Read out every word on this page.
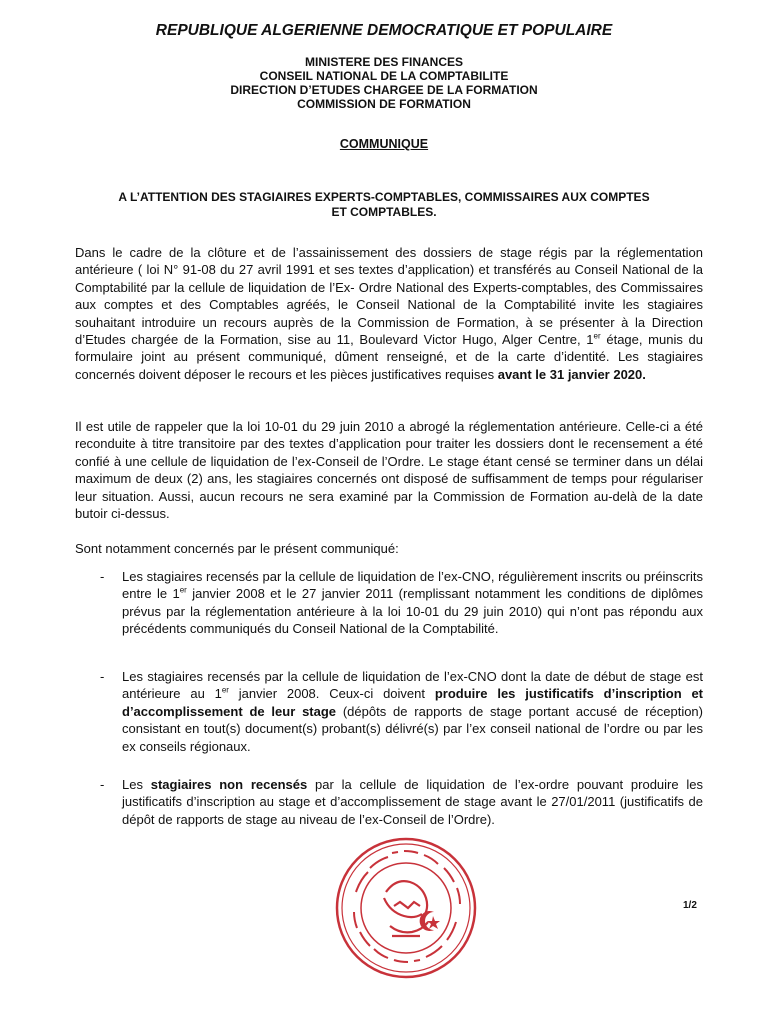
REPUBLIQUE ALGERIENNE DEMOCRATIQUE ET POPULAIRE
MINISTERE DES FINANCES
CONSEIL NATIONAL DE LA COMPTABILITE
DIRECTION D’ETUDES CHARGEE DE LA FORMATION
COMMISSION DE FORMATION
COMMUNIQUE
A L’ATTENTION DES STAGIAIRES EXPERTS-COMPTABLES, COMMISSAIRES AUX COMPTES
ET COMPTABLES.

Dans le cadre de la clôture et de l’assainissement des dossiers de stage régis par la réglementation antérieure ( loi N° 91-08 du 27 avril 1991 et ses textes d’application) et transférés au Conseil National de la Comptabilité par la cellule de liquidation de l’Ex- Ordre National des Experts-comptables, des Commissaires aux comptes et des Comptables agréés, le Conseil National de la Comptabilité invite les stagiaires souhaitant introduire un recours auprès de la Commission de Formation, à se présenter à la Direction d’Etudes chargée de la Formation, sise au 11, Boulevard Victor Hugo, Alger Centre, 1er étage, munis du formulaire joint au présent communiqué, dûment renseigné, et de la carte d’identité. Les stagiaires concernés doivent déposer le recours et les pièces justificatives requises avant le 31 janvier 2020.

Il est utile de rappeler que la loi 10-01 du 29 juin 2010 a abrogé la réglementation antérieure. Celle-ci a été reconduite à titre transitoire par des textes d’application pour traiter les dossiers dont le recensement a été confié à une cellule de liquidation de l’ex-Conseil de l’Ordre. Le stage étant censé se terminer dans un délai maximum de deux (2) ans, les stagiaires concernés ont disposé de suffisamment de temps pour régulariser leur situation. Aussi, aucun recours ne sera examiné par la Commission de Formation au-delà de la date butoir ci-dessus.

Sont notamment concernés par le présent communiqué:

- Les stagiaires recensés par la cellule de liquidation de l’ex-CNO, régulièrement inscrits ou préinscrits entre le 1er janvier 2008 et le 27 janvier 2011 (remplissant notamment les conditions de diplômes prévus par la réglementation antérieure à la loi 10-01 du 29 juin 2010) qui n’ont pas répondu aux précédents communiqués du Conseil National de la Comptabilité.
- Les stagiaires recensés par la cellule de liquidation de l’ex-CNO dont la date de début de stage est antérieure au 1er janvier 2008. Ceux-ci doivent produire les justificatifs d’inscription et d’accomplissement de leur stage (dépôts de rapports de stage portant accusé de réception) consistant en tout(s) document(s) probant(s) délivré(s) par l’ex conseil national de l’ordre ou par les ex conseils régionaux.
- Les stagiaires non recensés par la cellule de liquidation de l’ex-ordre pouvant produire les justificatifs d’inscription au stage et d’accomplissement de stage avant le 27/01/2011 (justificatifs de dépôt de rapports de stage au niveau de l’ex-Conseil de l’Ordre).
1/2
